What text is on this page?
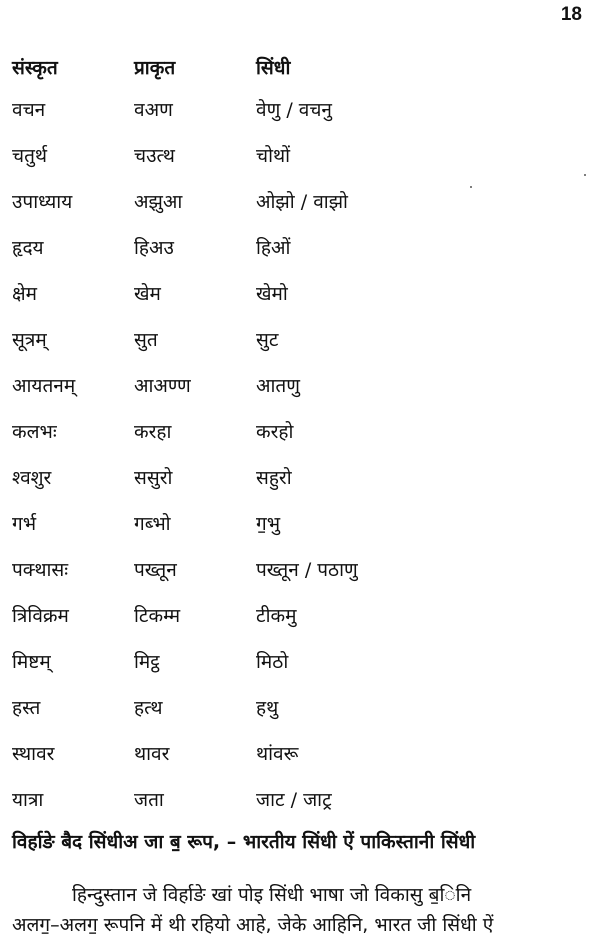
18
संस्कृत	प्राकृत	सिंधी
वचन	वअण	वेणु / वचनु
चतुर्थ	चउत्थ	चोथों
उपाध्याय	अझुआ	ओझो / वाझो
हृदय	हिअउ	हिओं
क्षेम	खेम	खेमो
सूत्रम्	सुत	सुट
आयतनम्	आअण्ण	आतणु
कलभः	करहा	करहो
श्वशुर	ससुरो	सहुरो
गर्भ	गब्भो	ग॒भु
पक्थासः	पख्तून	पख्तून / पठाणु
त्रिविक्रम	टिकम्म	टीकमु
मिष्टम्	मिट्ठ	मिठो
हस्त	हत्थ	हथु
स्थावर	थावर	थांवरू
यात्रा	जता	जाट / जाट्र
विर्हाङे बैद सिंधीअ जा ब॒ रूप, – भारतीय सिंधी ऐं पाकिस्तानी सिंधी
हिन्दुस्तान जे विर्हाङे खां पोइ सिंधी भाषा जो विकासु ब॒िनि
अलग॒–अलग॒ रूपनि में थी रहियो आहे, जेके आहिनि, भारत जी सिंधी ऐं
